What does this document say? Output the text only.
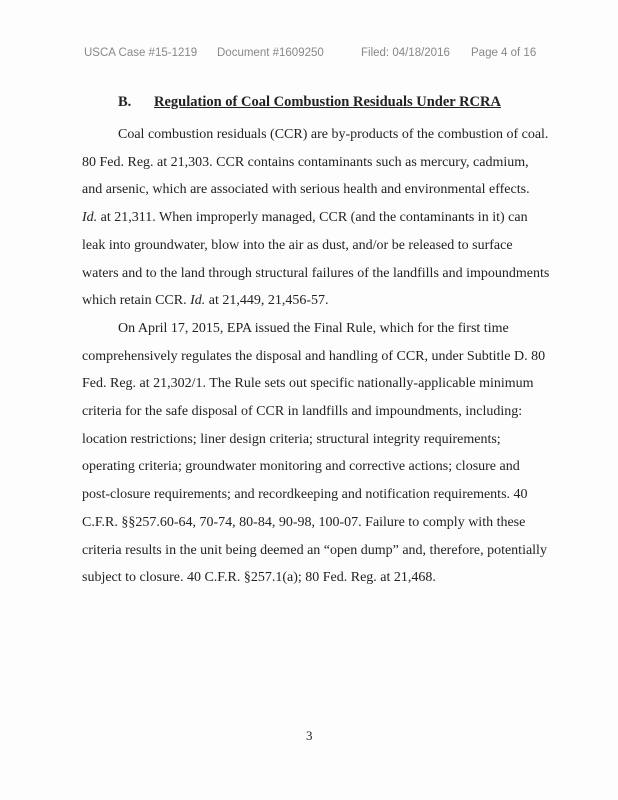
USCA Case #15-1219 Document #1609250	Filed: 04/18/2016 Page 4 of 16
B. Regulation of Coal Combustion Residuals Under RCRA
Coal combustion residuals (CCR) are by-products of the combustion of coal.
80 Fed. Reg. at 21,303. CCR contains contaminants such as mercury, cadmium,
and arsenic, which are associated with serious health and environmental effects.
Id. at 21,311. When improperly managed, CCR (and the contaminants in it) can
leak into groundwater, blow into the air as dust, and/or be released to surface
waters and to the land through structural failures of the landfills and impoundments
which retain CCR. Id. at 21,449, 21,456-57.
On April 17, 2015, EPA issued the Final Rule, which for the first time
comprehensively regulates the disposal and handling of CCR, under Subtitle D. 80
Fed. Reg. at 21,302/1. The Rule sets out specific nationally-applicable minimum
criteria for the safe disposal of CCR in landfills and impoundments, including:
location restrictions; liner design criteria; structural integrity requirements;
operating criteria; groundwater monitoring and corrective actions; closure and
post-closure requirements; and recordkeeping and notification requirements. 40
C.F.R. §§257.60-64, 70-74, 80-84, 90-98, 100-07. Failure to comply with these
criteria results in the unit being deemed an “open dump” and, therefore, potentially
subject to closure. 40 C.F.R. §257.1(a); 80 Fed. Reg. at 21,468.
3
